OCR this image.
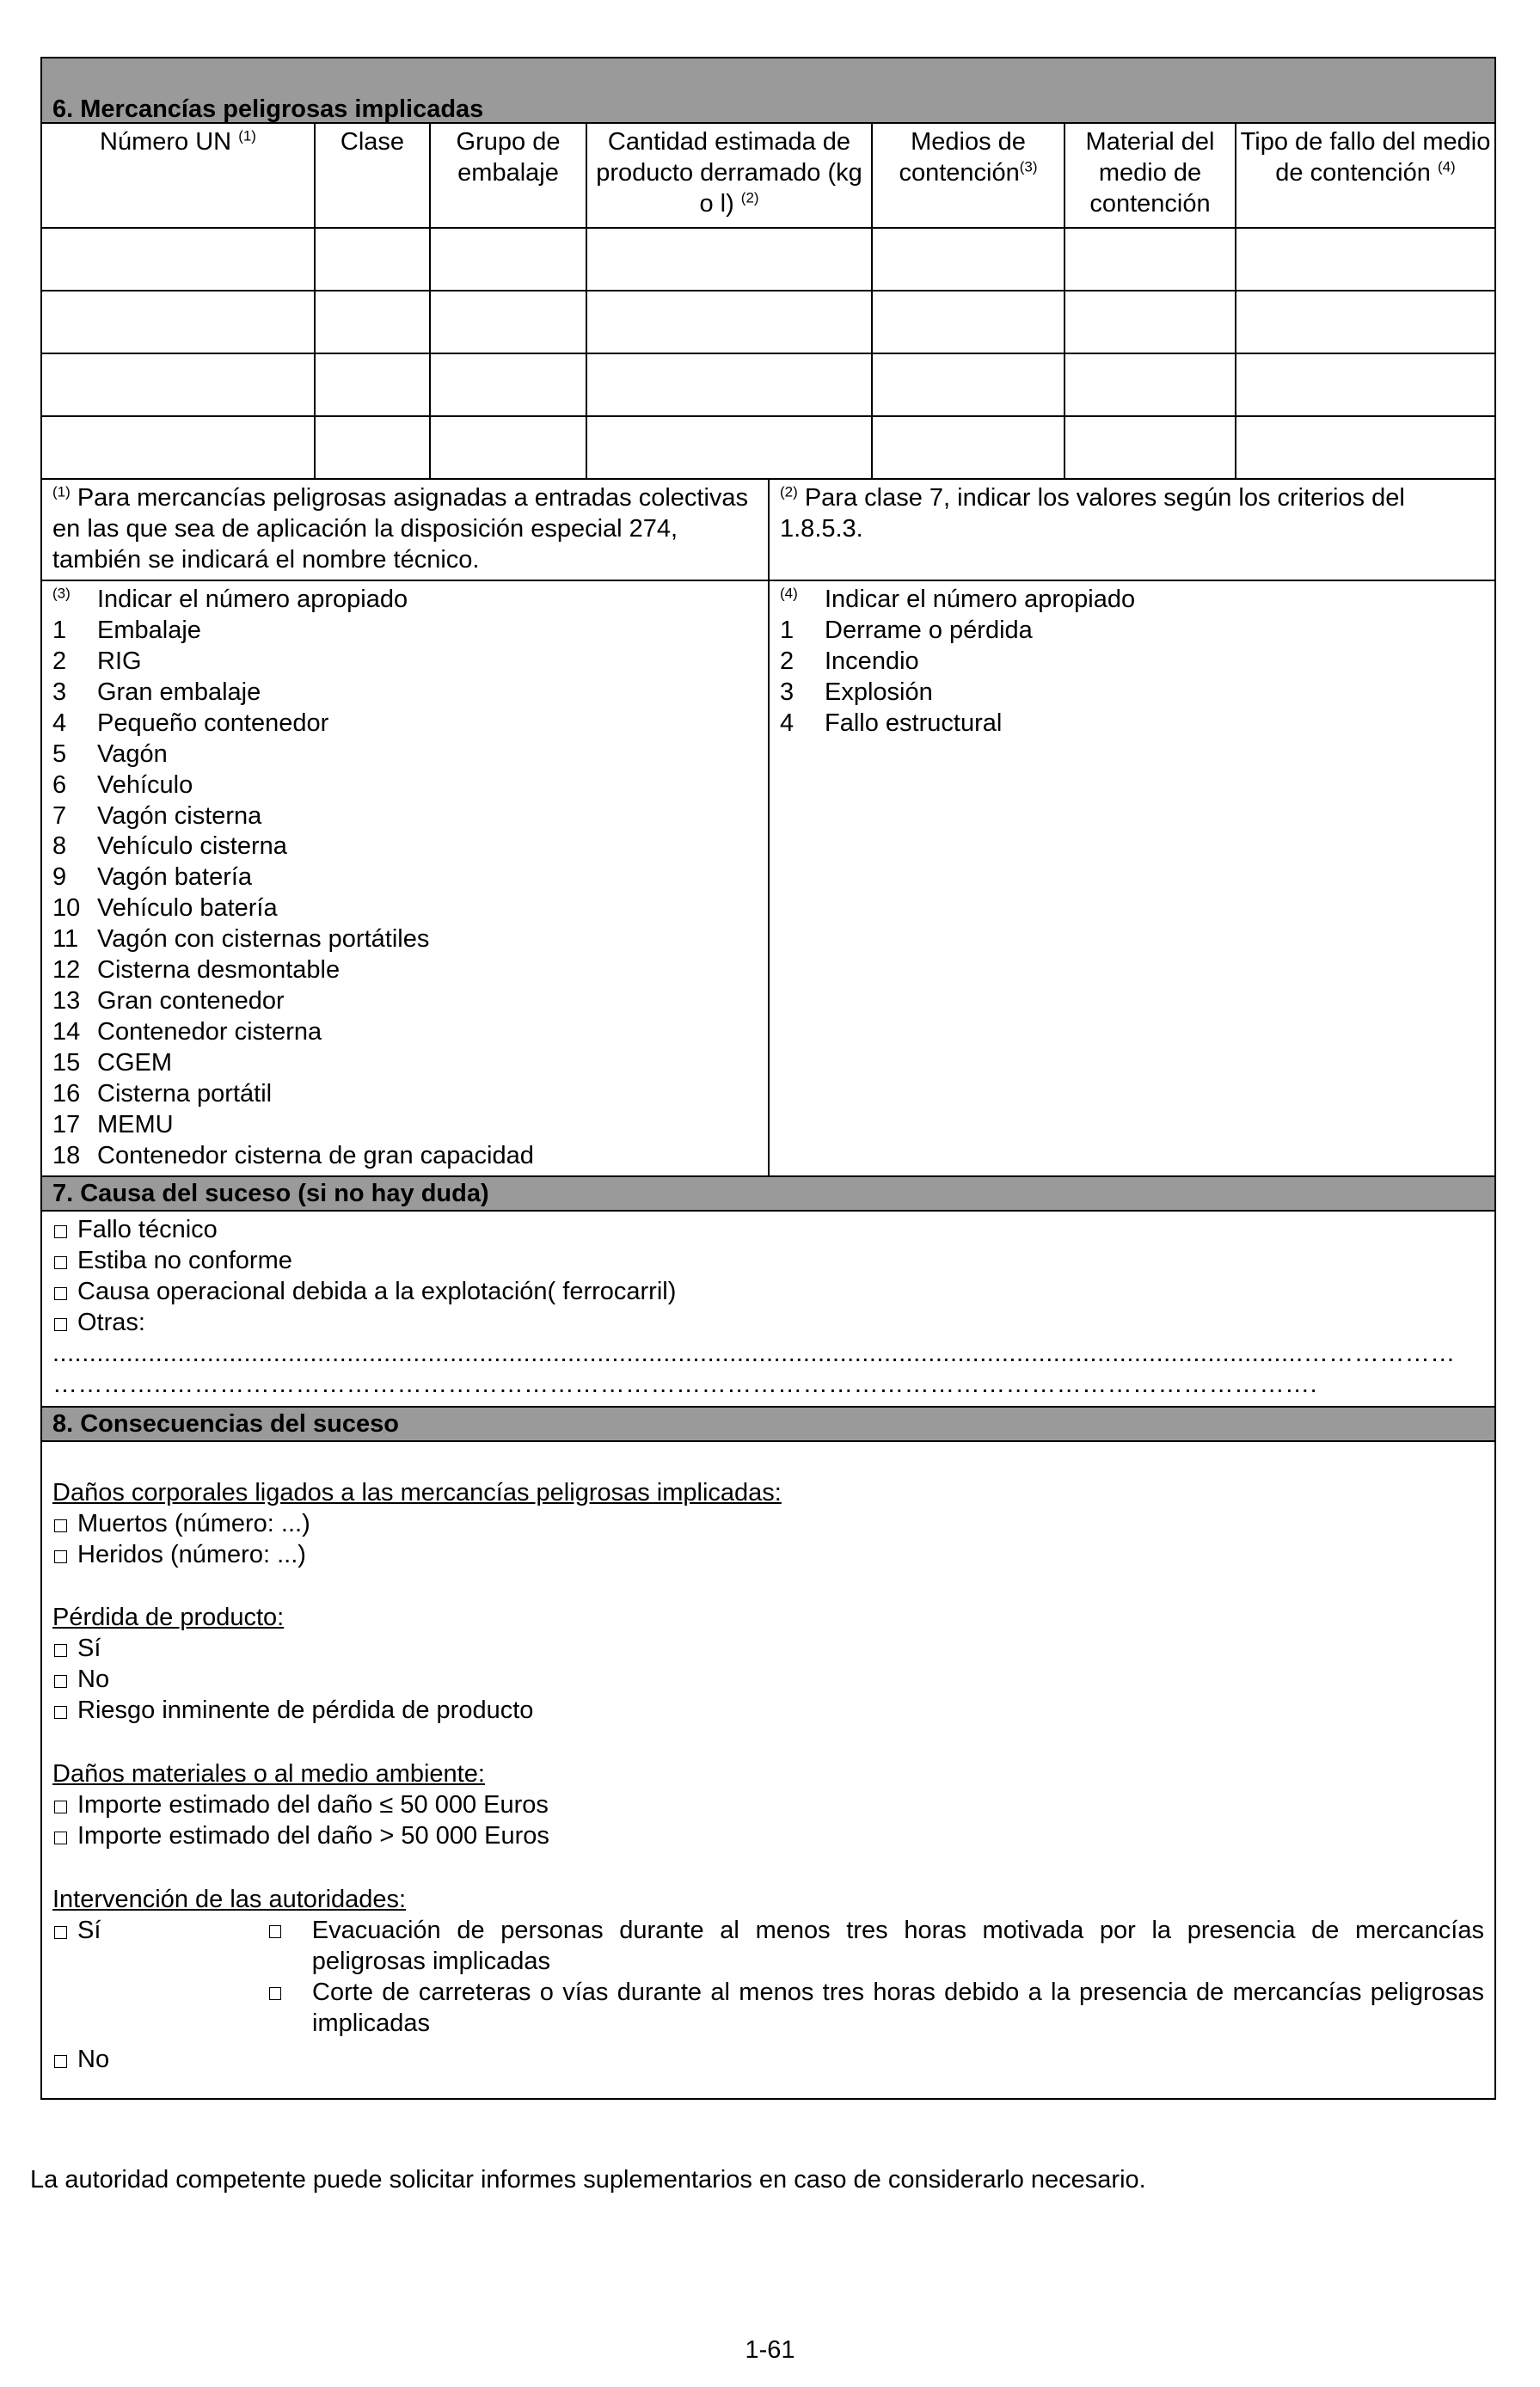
6. Mercancías peligrosas implicadas
Número UN $^{(1)}$	Clase	Grupo de embalaje	Cantidad estimada de producto derramado (kg o l) $^{(2)}$	Medios de contención$^{(3)}$	Material del medio de contención	Tipo de fallo del medio de contención $^{(4)}$

$^{(1)}$ Para mercancías peligrosas asignadas a entradas colectivas en las que sea de aplicación la disposición especial 274, también se indicará el nombre técnico.
$^{(2)}$ Para clase 7, indicar los valores según los criterios del 1.8.5.3.
$^{(3)}$	Indicar el número apropiado
1	Embalaje
2	RIG
3	Gran embalaje
4	Pequeño contenedor
5	Vagón
6	Vehículo
7	Vagón cisterna
8	Vehículo cisterna
9	Vagón batería
10 Vehículo batería
11 Vagón con cisternas portátiles
12 Cisterna desmontable
13 Gran contenedor
14 Contenedor cisterna
15 CGEM
16 Cisterna portátil
17 MEMU
18 Contenedor cisterna de gran capacidad
$^{(4)}$	Indicar el número apropiado
1	Derrame o pérdida
2	Incendio
3	Explosión
4	Fallo estructural
7. Causa del suceso (si no hay duda)
Fallo técnico
Estiba no conforme
Causa operacional debida a la explotación( ferrocarril)
Otras:
..........................................................................................................................................................................………………
…………..……………………………………………………………………………………………………………………….
8. Consecuencias del suceso
Daños corporales ligados a las mercancías peligrosas implicadas:
Muertos (número: ...)
Heridos (número: ...)
Pérdida de producto:
Sí
No
Riesgo inminente de pérdida de producto
Daños materiales o al medio ambiente:
Importe estimado del daño ≤ 50 000 Euros
Importe estimado del daño > 50 000 Euros
Intervención de las autoridades:
Sí	Evacuación de personas durante al menos tres horas motivada por la presencia de mercancías peligrosas implicadas
Corte de carreteras o vías durante al menos tres horas debido a la presencia de mercancías peligrosas implicadas
No
La autoridad competente puede solicitar informes suplementarios en caso de considerarlo necesario.
1-61
